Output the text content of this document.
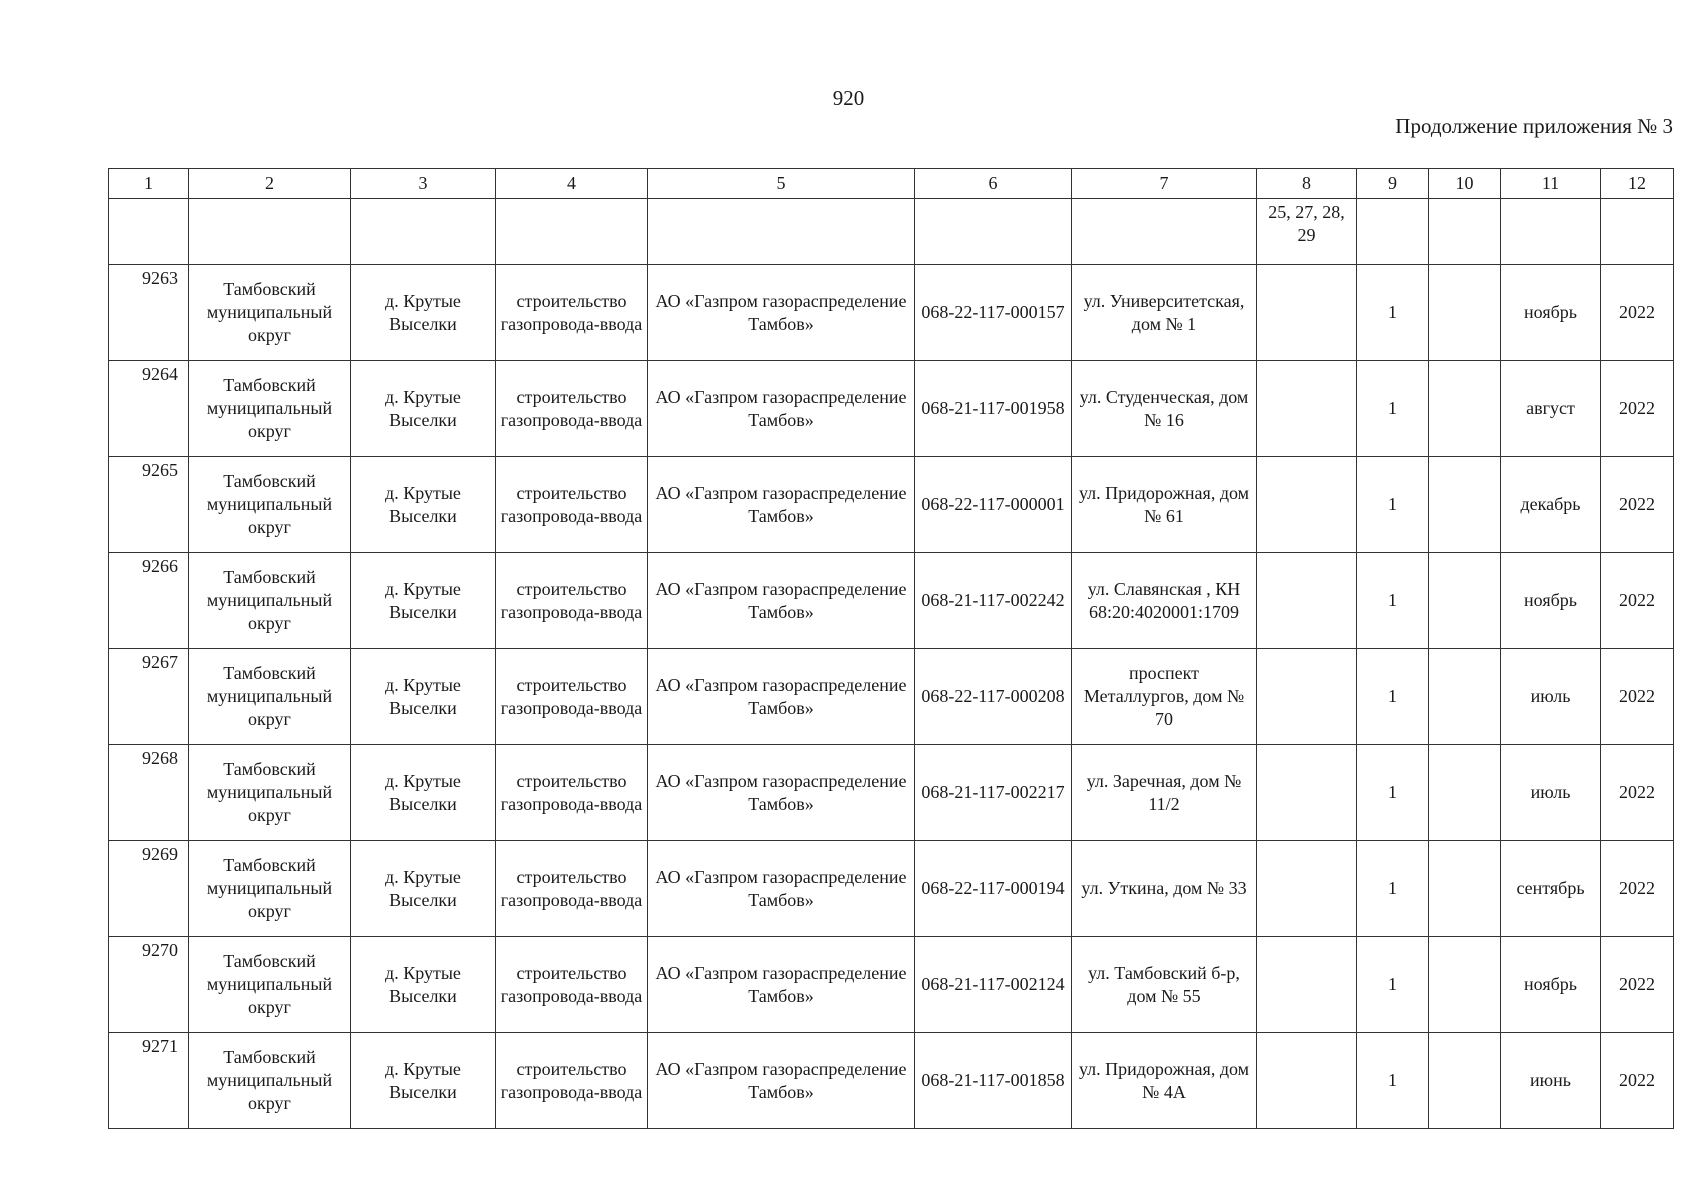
920
Продолжение приложения № 3
1	2	3	4	5	6	7	8	9	10	11	12
							25, 27, 28, 29				
9263	Тамбовский муниципальный округ	д. Крутые Выселки	строительство газопровода-ввода	АО «Газпром газораспределение Тамбов»	068-22-117-000157	ул. Университетская, дом № 1		1		ноябрь	2022
9264	Тамбовский муниципальный округ	д. Крутые Выселки	строительство газопровода-ввода	АО «Газпром газораспределение Тамбов»	068-21-117-001958	ул. Студенческая, дом № 16		1		август	2022
9265	Тамбовский муниципальный округ	д. Крутые Выселки	строительство газопровода-ввода	АО «Газпром газораспределение Тамбов»	068-22-117-000001	ул. Придорожная, дом № 61		1		декабрь	2022
9266	Тамбовский муниципальный округ	д. Крутые Выселки	строительство газопровода-ввода	АО «Газпром газораспределение Тамбов»	068-21-117-002242	ул. Славянская , КН 68:20:4020001:1709		1		ноябрь	2022
9267	Тамбовский муниципальный округ	д. Крутые Выселки	строительство газопровода-ввода	АО «Газпром газораспределение Тамбов»	068-22-117-000208	проспект Металлургов, дом № 70		1		июль	2022
9268	Тамбовский муниципальный округ	д. Крутые Выселки	строительство газопровода-ввода	АО «Газпром газораспределение Тамбов»	068-21-117-002217	ул. Заречная, дом № 11/2		1		июль	2022
9269	Тамбовский муниципальный округ	д. Крутые Выселки	строительство газопровода-ввода	АО «Газпром газораспределение Тамбов»	068-22-117-000194	ул. Уткина, дом № 33		1		сентябрь	2022
9270	Тамбовский муниципальный округ	д. Крутые Выселки	строительство газопровода-ввода	АО «Газпром газораспределение Тамбов»	068-21-117-002124	ул. Тамбовский б-р, дом № 55		1		ноябрь	2022
9271	Тамбовский муниципальный округ	д. Крутые Выселки	строительство газопровода-ввода	АО «Газпром газораспределение Тамбов»	068-21-117-001858	ул. Придорожная, дом № 4А		1		июнь	2022
